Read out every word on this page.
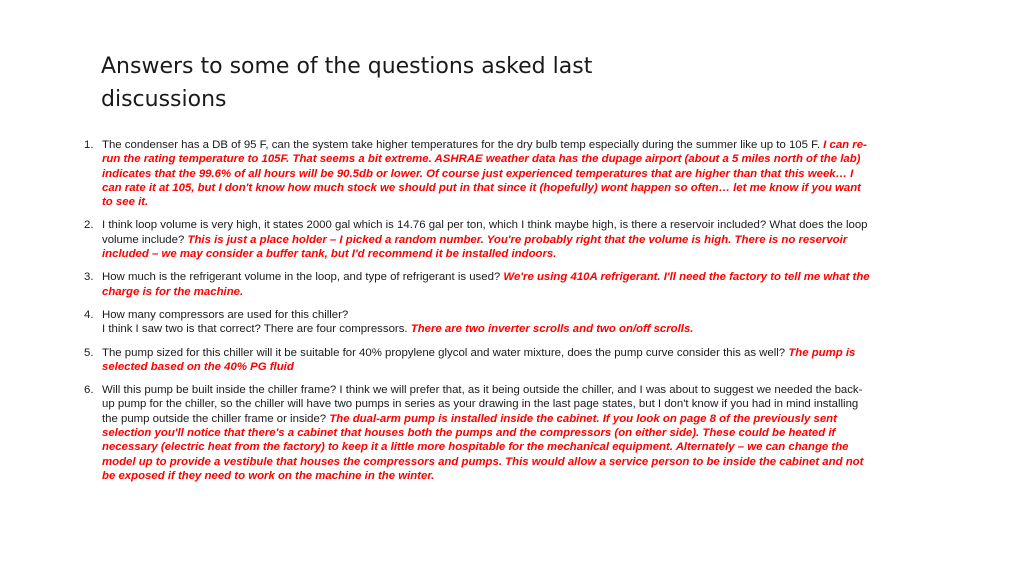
Answers to some of the questions asked last discussions
1. The condenser has a DB of 95 F, can the system take higher temperatures for the dry bulb temp especially during the summer like up to 105 F. I can re-run the rating temperature to 105F. That seems a bit extreme. ASHRAE weather data has the dupage airport (about a 5 miles north of the lab) indicates that the 99.6% of all hours will be 90.5db or lower. Of course just experienced temperatures that are higher than that this week… I can rate it at 105, but I don't know how much stock we should put in that since it (hopefully) wont happen so often… let me know if you want to see it.
2. I think loop volume is very high, it states 2000 gal which is 14.76 gal per ton, which I think maybe high, is there a reservoir included? What does the loop volume include? This is just a place holder – I picked a random number. You're probably right that the volume is high. There is no reservoir included – we may consider a buffer tank, but I'd recommend it be installed indoors.
3. How much is the refrigerant volume in the loop, and type of refrigerant is used? We're using 410A refrigerant. I'll need the factory to tell me what the charge is for the machine.
4. How many compressors are used for this chiller?
I think I saw two is that correct? There are four compressors. There are two inverter scrolls and two on/off scrolls.
5. The pump sized for this chiller will it be suitable for 40% propylene glycol and water mixture, does the pump curve consider this as well? The pump is selected based on the 40% PG fluid
6. Will this pump be built inside the chiller frame? I think we will prefer that, as it being outside the chiller, and I was about to suggest we needed the back-up pump for the chiller, so the chiller will have two pumps in series as your drawing in the last page states, but I don't know if you had in mind installing the pump outside the chiller frame or inside? The dual-arm pump is installed inside the cabinet. If you look on page 8 of the previously sent selection you'll notice that there's a cabinet that houses both the pumps and the compressors (on either side). These could be heated if necessary (electric heat from the factory) to keep it a little more hospitable for the mechanical equipment. Alternately – we can change the model up to provide a vestibule that houses the compressors and pumps. This would allow a service person to be inside the cabinet and not be exposed if they need to work on the machine in the winter.
